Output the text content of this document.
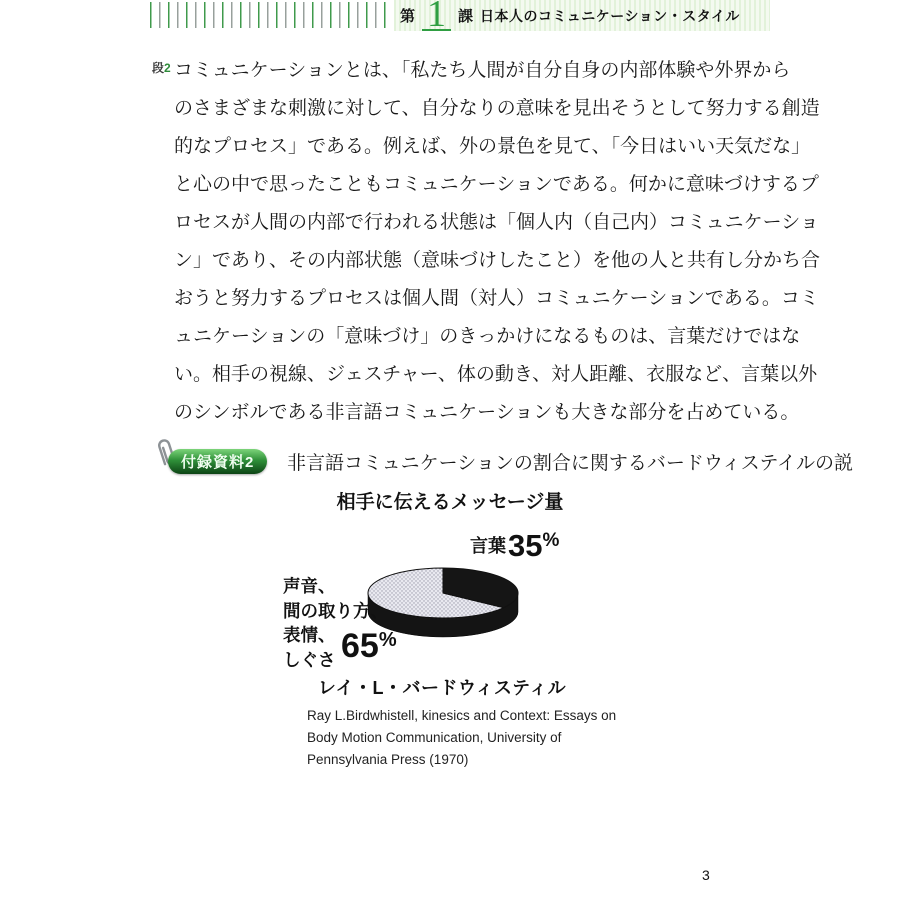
第 1 課 日本人のコミュニケーション・スタイル
段2 コミュニケーションとは、「私たち人間が自分自身の内部体験や外界から
のさまざまな刺激に対して、自分なりの意味を見出そうとして努力する創造
的なプロセス」である。例えば、外の景色を見て、「今日はいい天気だな」
と心の中で思ったこともコミュニケーションである。何かに意味づけするプ
ロセスが人間の内部で行われる状態は「個人内（自己内）コミュニケーショ
ン」であり、その内部状態（意味づけしたこと）を他の人と共有し分かち合
おうと努力するプロセスは個人間（対人）コミュニケーションである。コミ
ュニケーションの「意味づけ」のきっかけになるものは、言葉だけではな
い。相手の視線、ジェスチャー、体の動き、対人距離、衣服など、言葉以外
のシンボルである非言語コミュニケーションも大きな部分を占めている。
付録資料2 非言語コミュニケーションの割合に関するバードウィステイルの説
相手に伝えるメッセージ量
言葉 35 %
声音、
間の取り方、
表情、
しぐさ 65 %
レイ・L・バードウィスティル
Ray L.Birdwhistell, kinesics and Context: Essays on
Body Motion Communication, University of
Pennsylvania Press (1970)
3
